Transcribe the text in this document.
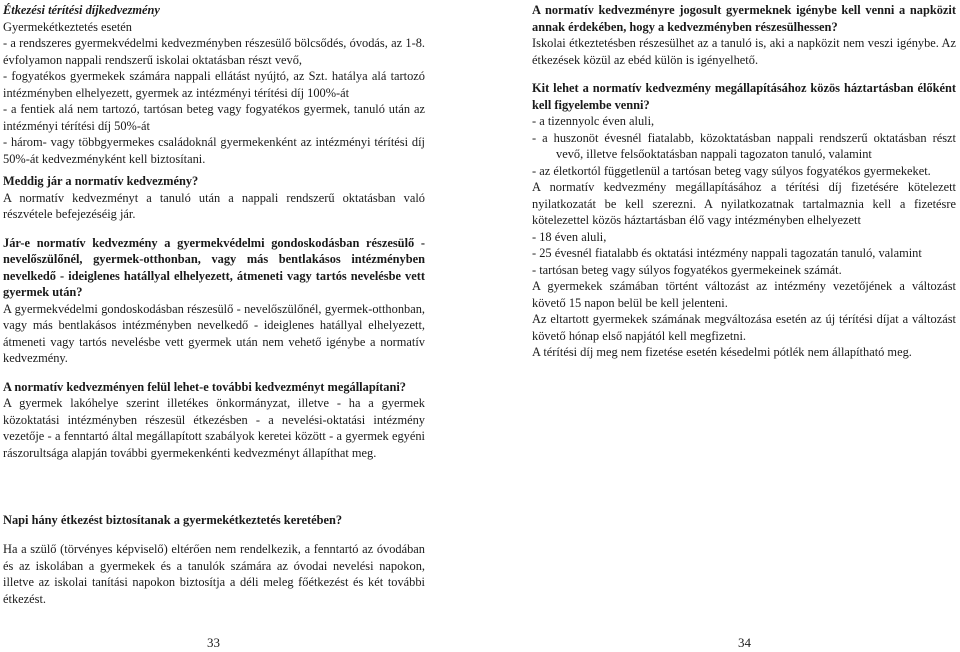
Étkezési térítési díjkedvezmény

Gyermekétkeztetés esetén

- a rendszeres gyermekvédelmi kedvezményben részesülő bölcsődés, óvodás, az 1-8. évfolyamon nappali rendszerű iskolai oktatásban részt vevő,

- fogyatékos gyermekek számára nappali ellátást nyújtó, az Szt. hatálya alá tartozó intézményben elhelyezett, gyermek az intézményi térítési díj 100%-át

- a fentiek alá nem tartozó, tartósan beteg vagy fogyatékos gyermek, tanuló után az intézményi térítési díj 50%-át

- három- vagy többgyermekes családoknál gyermekenként az intézményi térítési díj 50%-át kedvezményként kell biztosítani.

Meddig jár a normatív kedvezmény?

A normatív kedvezményt a tanuló után a nappali rendszerű oktatásban való részvétele befejezéséig jár.

Jár-e normatív kedvezmény a gyermekvédelmi gondoskodásban részesülő - nevelőszülőnél, gyermek-otthonban, vagy más bentlakásos intézményben nevelkedő - ideiglenes hatállyal elhelyezett, átmeneti vagy tartós nevelésbe vett gyermek után?

A gyermekvédelmi gondoskodásban részesülő - nevelőszülőnél, gyermek-otthonban, vagy más bentlakásos intézményben nevelkedő - ideiglenes hatállyal elhelyezett, átmeneti vagy tartós nevelésbe vett gyermek után nem vehető igénybe a normatív kedvezmény.

A normatív kedvezményen felül lehet-e további kedvezményt megállapítani?

A gyermek lakóhelye szerint illetékes önkormányzat, illetve - ha a gyermek közoktatási intézményben részesül étkezésben - a nevelési-oktatási intézmény vezetője - a fenntartó által megállapított szabályok keretei között - a gyermek egyéni rászorultsága alapján további gyermekenkénti kedvezményt állapíthat meg.

Napi hány étkezést biztosítanak a gyermekétkeztetés keretében?

Ha a szülő (törvényes képviselő) eltérően nem rendelkezik, a fenntartó az óvodában és az iskolában a gyermekek és a tanulók számára az óvodai nevelési napokon, illetve az iskolai tanítási napokon biztosítja a déli meleg főétkezést és két további étkezést.

A normatív kedvezményre jogosult gyermeknek igénybe kell venni a napközit annak érdekében, hogy a kedvezményben részesülhessen?

Iskolai étkeztetésben részesülhet az a tanuló is, aki a napközit nem veszi igénybe. Az étkezések közül az ebéd külön is igényelhető.

Kit lehet a normatív kedvezmény megállapításához közös háztartásban élőként kell figyelembe venni?

- a tizennyolc éven aluli,

- a huszonöt évesnél fiatalabb, közoktatásban nappali rendszerű oktatásban részt vevő, illetve felsőoktatásban nappali tagozaton tanuló, valamint

- az életkortól függetlenül a tartósan beteg vagy súlyos fogyatékos gyermekeket.

A normatív kedvezmény megállapításához a térítési díj fizetésére kötelezett nyilatkozatát be kell szerezni. A nyilatkozatnak tartalmaznia kell a fizetésre kötelezettel közös háztartásban élő vagy intézményben elhelyezett

- 18 éven aluli,

- 25 évesnél fiatalabb és oktatási intézmény nappali tagozatán tanuló, valamint

- tartósan beteg vagy súlyos fogyatékos gyermekeinek számát.

A gyermekek számában történt változást az intézmény vezetőjének a változást követő 15 napon belül be kell jelenteni.

Az eltartott gyermekek számának megváltozása esetén az új térítési díjat a változást követő hónap első napjától kell megfizetni.

A térítési díj meg nem fizetése esetén késedelmi pótlék nem állapítható meg.

33	34
